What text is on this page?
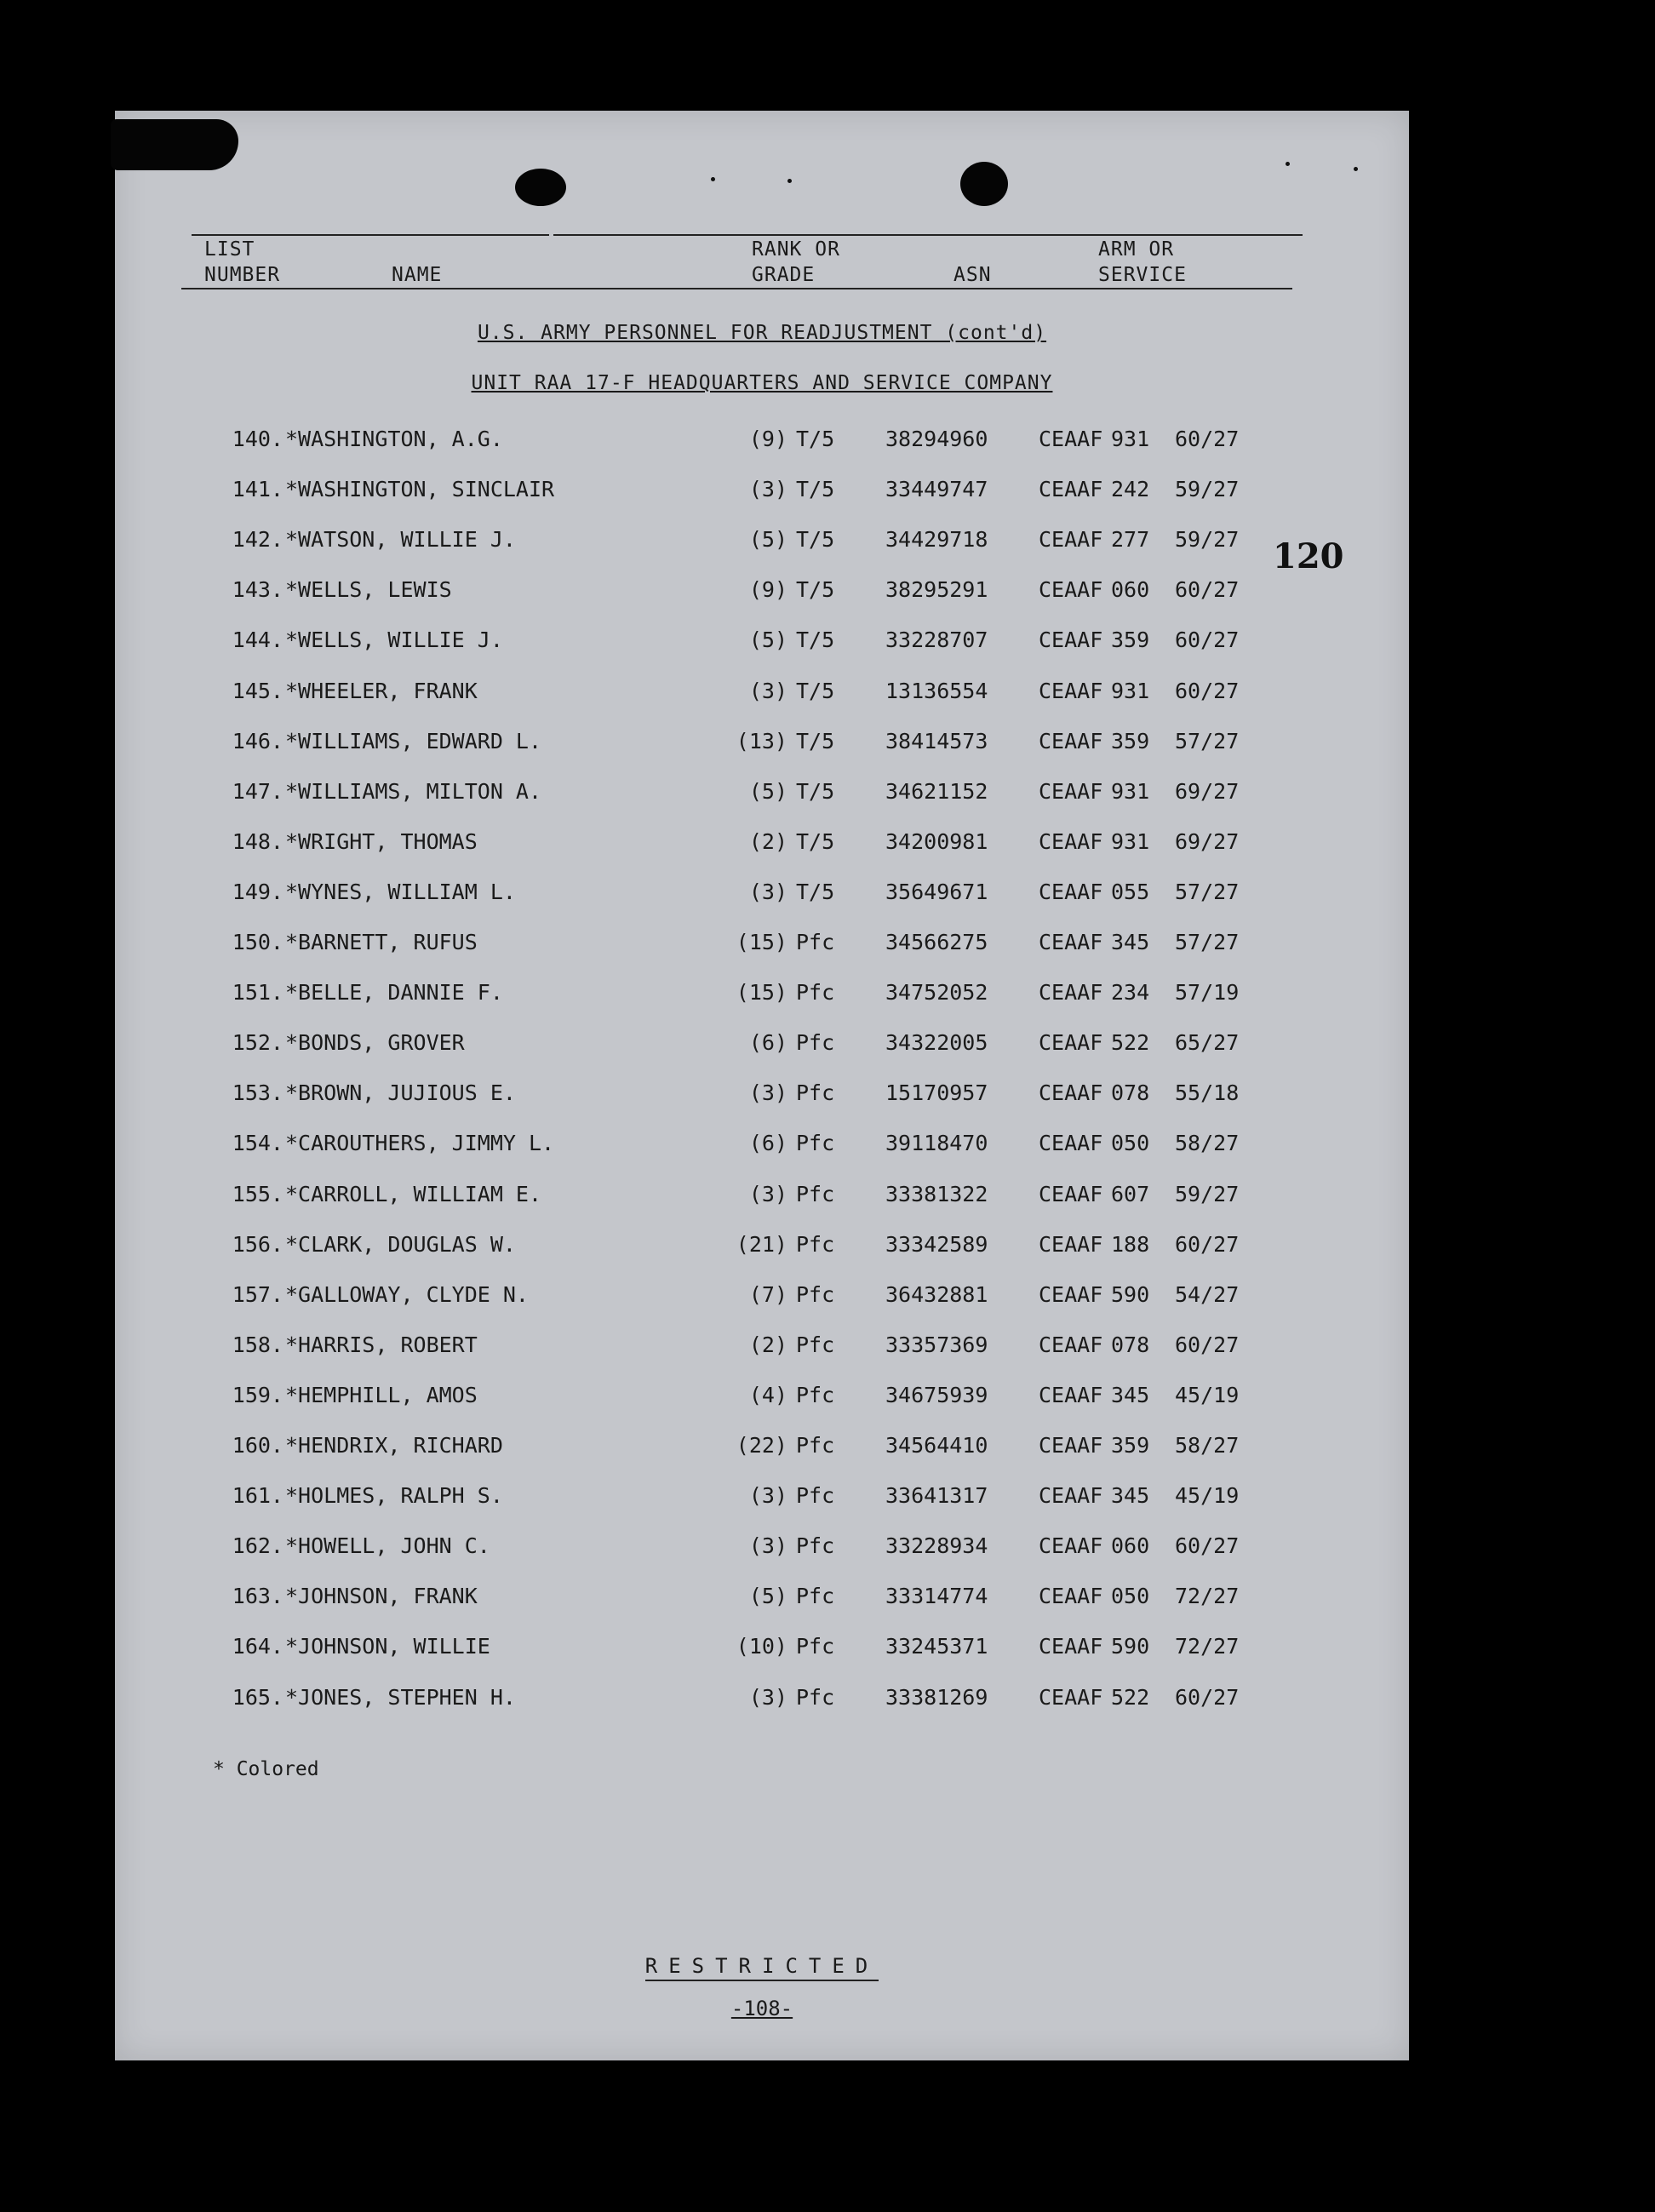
LIST
NUMBER	NAME
RANK OR
GRADE	ASN
ARM OR
SERVICE
U.S. ARMY PERSONNEL FOR READJUSTMENT (cont'd)
UNIT RAA 17-F HEADQUARTERS AND SERVICE COMPANY
140. *WASHINGTON, A.G.	(9) T/5 38294960 CEAAF 931 60/27
141. *WASHINGTON, SINCLAIR	(3) T/5 33449747 CEAAF 242 59/27
142. *WATSON, WILLIE J.	(5) T/5 34429718 CEAAF 277 59/27
143. *WELLS, LEWIS	(9) T/5 38295291 CEAAF 060 60/27
144. *WELLS, WILLIE J.	(5) T/5 33228707 CEAAF 359 60/27
145. *WHEELER, FRANK	(3) T/5 13136554 CEAAF 931 60/27
146. *WILLIAMS, EDWARD L.	(13) T/5 38414573 CEAAF 359 57/27
147. *WILLIAMS, MILTON A.	(5) T/5 34621152 CEAAF 931 69/27
148. *WRIGHT, THOMAS	(2) T/5 34200981 CEAAF 931 69/27
149. *WYNES, WILLIAM L.	(3) T/5 35649671 CEAAF 055 57/27
150. *BARNETT, RUFUS	(15) Pfc 34566275 CEAAF 345 57/27
151. *BELLE, DANNIE F.	(15) Pfc 34752052 CEAAF 234 57/19
152. *BONDS, GROVER	(6) Pfc 34322005 CEAAF 522 65/27
153. *BROWN, JUJIOUS E.	(3) Pfc 15170957 CEAAF 078 55/18
154. *CAROUTHERS, JIMMY L.	(6) Pfc 39118470 CEAAF 050 58/27
155. *CARROLL, WILLIAM E.	(3) Pfc 33381322 CEAAF 607 59/27
156. *CLARK, DOUGLAS W.	(21) Pfc 33342589 CEAAF 188 60/27
157. *GALLOWAY, CLYDE N.	(7) Pfc 36432881 CEAAF 590 54/27
158. *HARRIS, ROBERT	(2) Pfc 33357369 CEAAF 078 60/27
159. *HEMPHILL, AMOS	(4) Pfc 34675939 CEAAF 345 45/19
160. *HENDRIX, RICHARD	(22) Pfc 34564410 CEAAF 359 58/27
161. *HOLMES, RALPH S.	(3) Pfc 33641317 CEAAF 345 45/19
162. *HOWELL, JOHN C.	(3) Pfc 33228934 CEAAF 060 60/27
163. *JOHNSON, FRANK	(5) Pfc 33314774 CEAAF 050 72/27
164. *JOHNSON, WILLIE	(10) Pfc 33245371 CEAAF 590 72/27
165. *JONES, STEPHEN H.	(3) Pfc 33381269 CEAAF 522 60/27
120
* Colored
RESTRICTED
-108-
